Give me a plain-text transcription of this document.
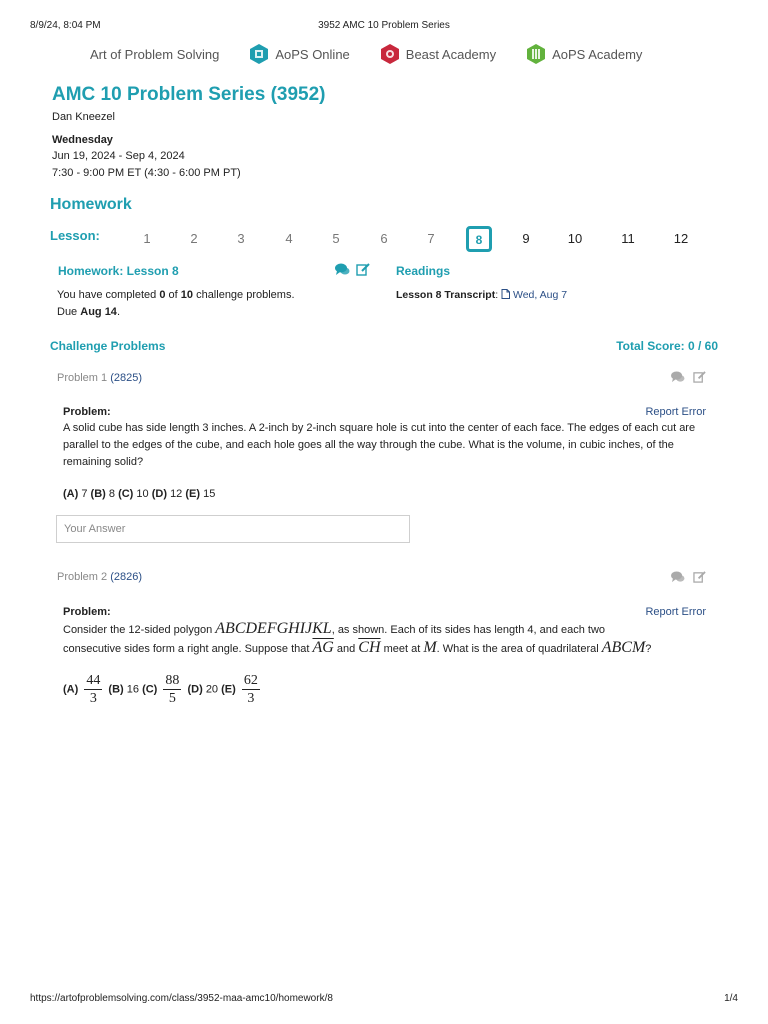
8/9/24, 8:04 PM	3952 AMC 10 Problem Series
Art of Problem Solving	AoPS Online	Beast Academy	AoPS Academy
AMC 10 Problem Series (3952)
Dan Kneezel
Wednesday
Jun 19, 2024 - Sep 4, 2024
7:30 - 9:00 PM ET (4:30 - 6:00 PM PT)
Homework
Lesson:	1	2	3	4	5	6	7	8	9	10	11	12
Homework: Lesson 8	Readings
You have completed 0 of 10 challenge problems.
Due Aug 14.
Lesson 8 Transcript:  Wed, Aug 7
Challenge Problems	Total Score: 0 / 60
Problem 1 (2825)
Problem:	Report Error
A solid cube has side length 3 inches. A 2-inch by 2-inch square hole is cut into the center of each face. The edges of each cut are parallel to the edges of the cube, and each hole goes all the way through the cube. What is the volume, in cubic inches, of the remaining solid?
(A) 7 (B) 8 (C) 10 (D) 12 (E) 15
Your Answer
Problem 2 (2826)
Problem:	Report Error
Consider the 12-sided polygon ABCDEFGHIJKL, as shown. Each of its sides has length 4, and each two
consecutive sides form a right angle. Suppose that $\overline{AG}$ and $\overline{CH}$ meet at M. What is the area of quadrilateral ABCM?
$(A) \frac{44}{3} (B)$ 16 $(C) \frac{88}{5} (D)$ 20 $(E) \frac{62}{3}$
https://artofproblemsolving.com/class/3952-maa-amc10/homework/8	1/4
